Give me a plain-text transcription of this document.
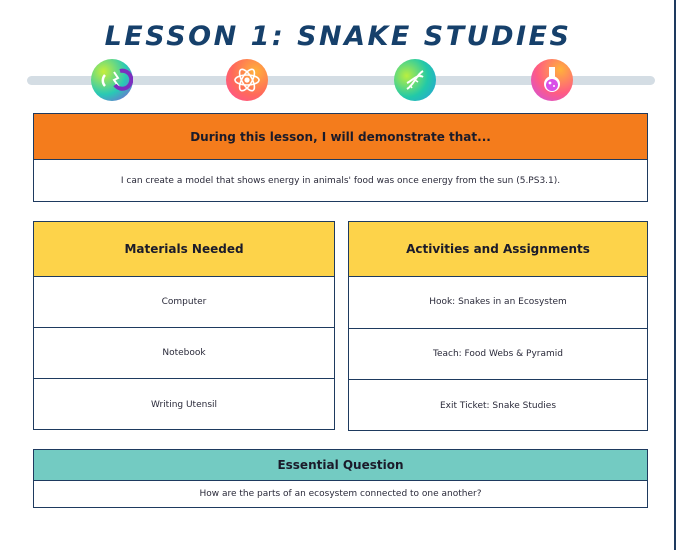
LESSON 1: SNAKE STUDIES
During this lesson, I will demonstrate that...
I can create a model that shows energy in animals' food was once energy from the sun (5.PS3.1).
Materials Needed
Computer
Notebook
Writing Utensil
Activities and Assignments
Hook: Snakes in an Ecosystem
Teach: Food Webs & Pyramid
Exit Ticket: Snake Studies
Essential Question
How are the parts of an ecosystem connected to one another?
